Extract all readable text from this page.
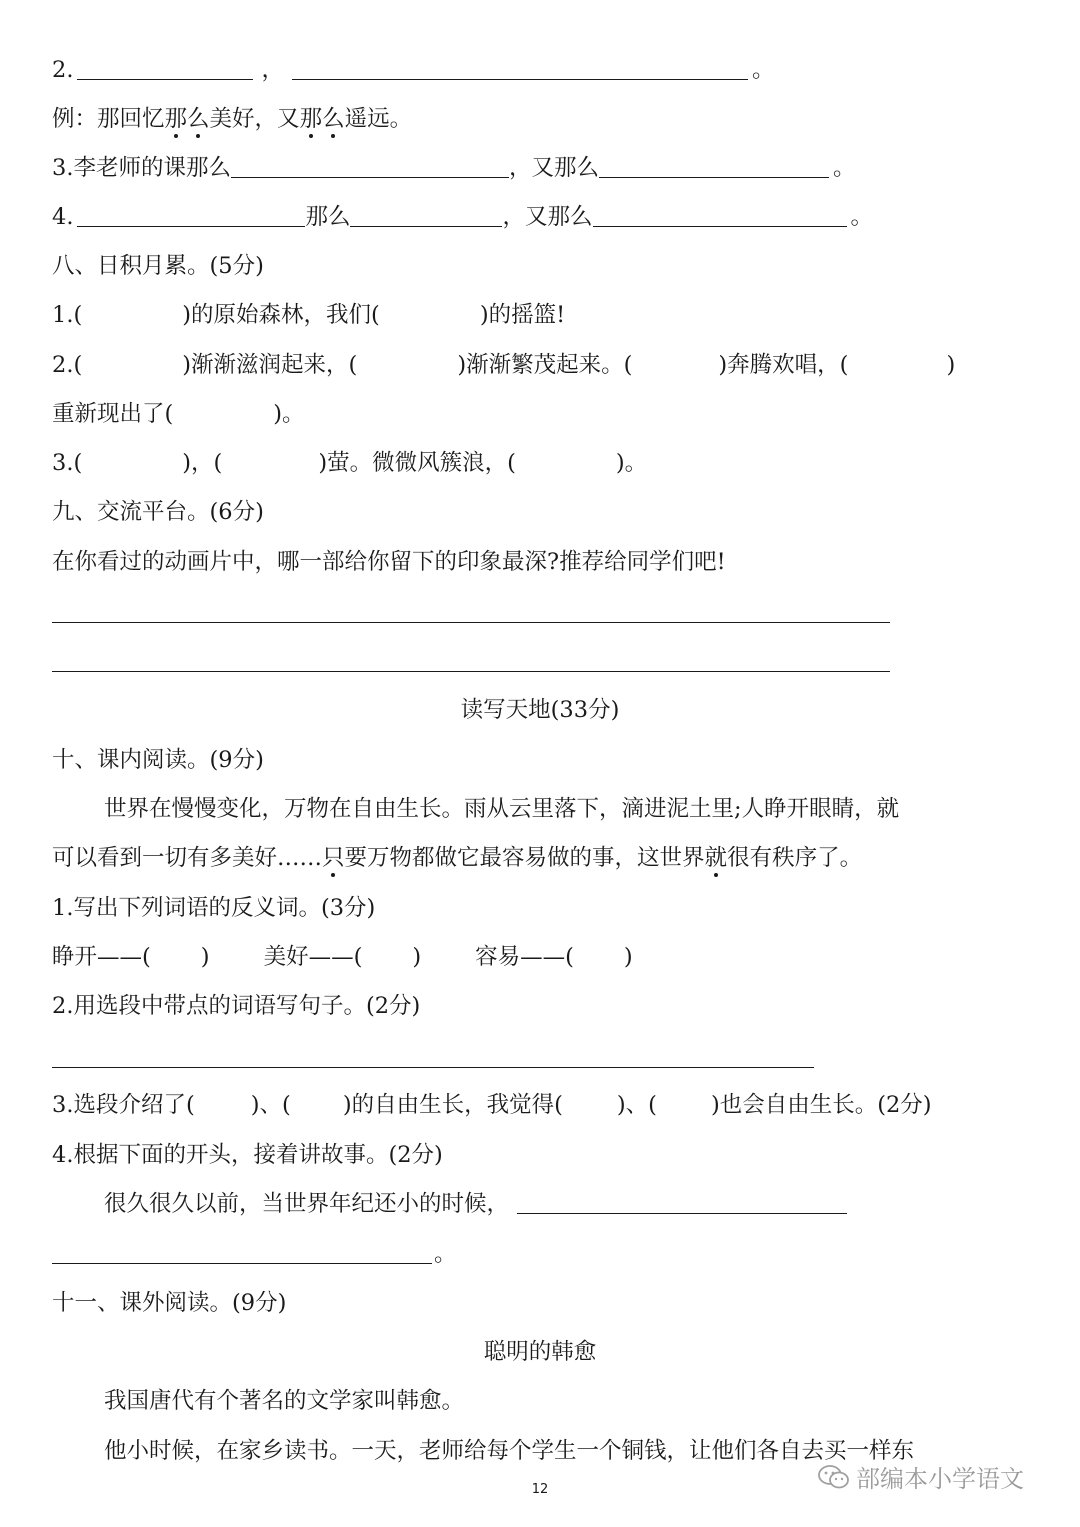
2.	，	。
例：那回忆那么美好，又那么遥远。
3.李老师的课那么	，又那么	。
4.	那么	，又那么	。
八、日积月累。(5分)
1.(	)的原始森林，我们(	)的摇篮!
2.(	)渐渐滋润起来，(	)渐渐繁茂起来。(	)奔腾欢唱，(	)
重新现出了(	)。
3.(	)，(	)萤。微微风簇浪，(	)。
九、交流平台。(6分)
在你看过的动画片中，哪一部给你留下的印象最深?推荐给同学们吧!
读写天地(33分)
十、课内阅读。(9分)
世界在慢慢变化，万物在自由生长。雨从云里落下，滴进泥土里;人睁开眼睛，就
可以看到一切有多美好……只要万物都做它最容易做的事，这世界就很有秩序了。
1.写出下列词语的反义词。(3分)
睁开——( ) 美好——( ) 容易——( )
2.用选段中带点的词语写句子。(2分)
3.选段介绍了( )、( )的自由生长，我觉得( )、( )也会自由生长。(2分)
4.根据下面的开头，接着讲故事。(2分)
很久很久以前，当世界年纪还小的时候，
。
十一、课外阅读。(9分)
聪明的韩愈
我国唐代有个著名的文学家叫韩愈。
他小时候，在家乡读书。一天，老师给每个学生一个铜钱，让他们各自去买一样东
12	部编本小学语文
